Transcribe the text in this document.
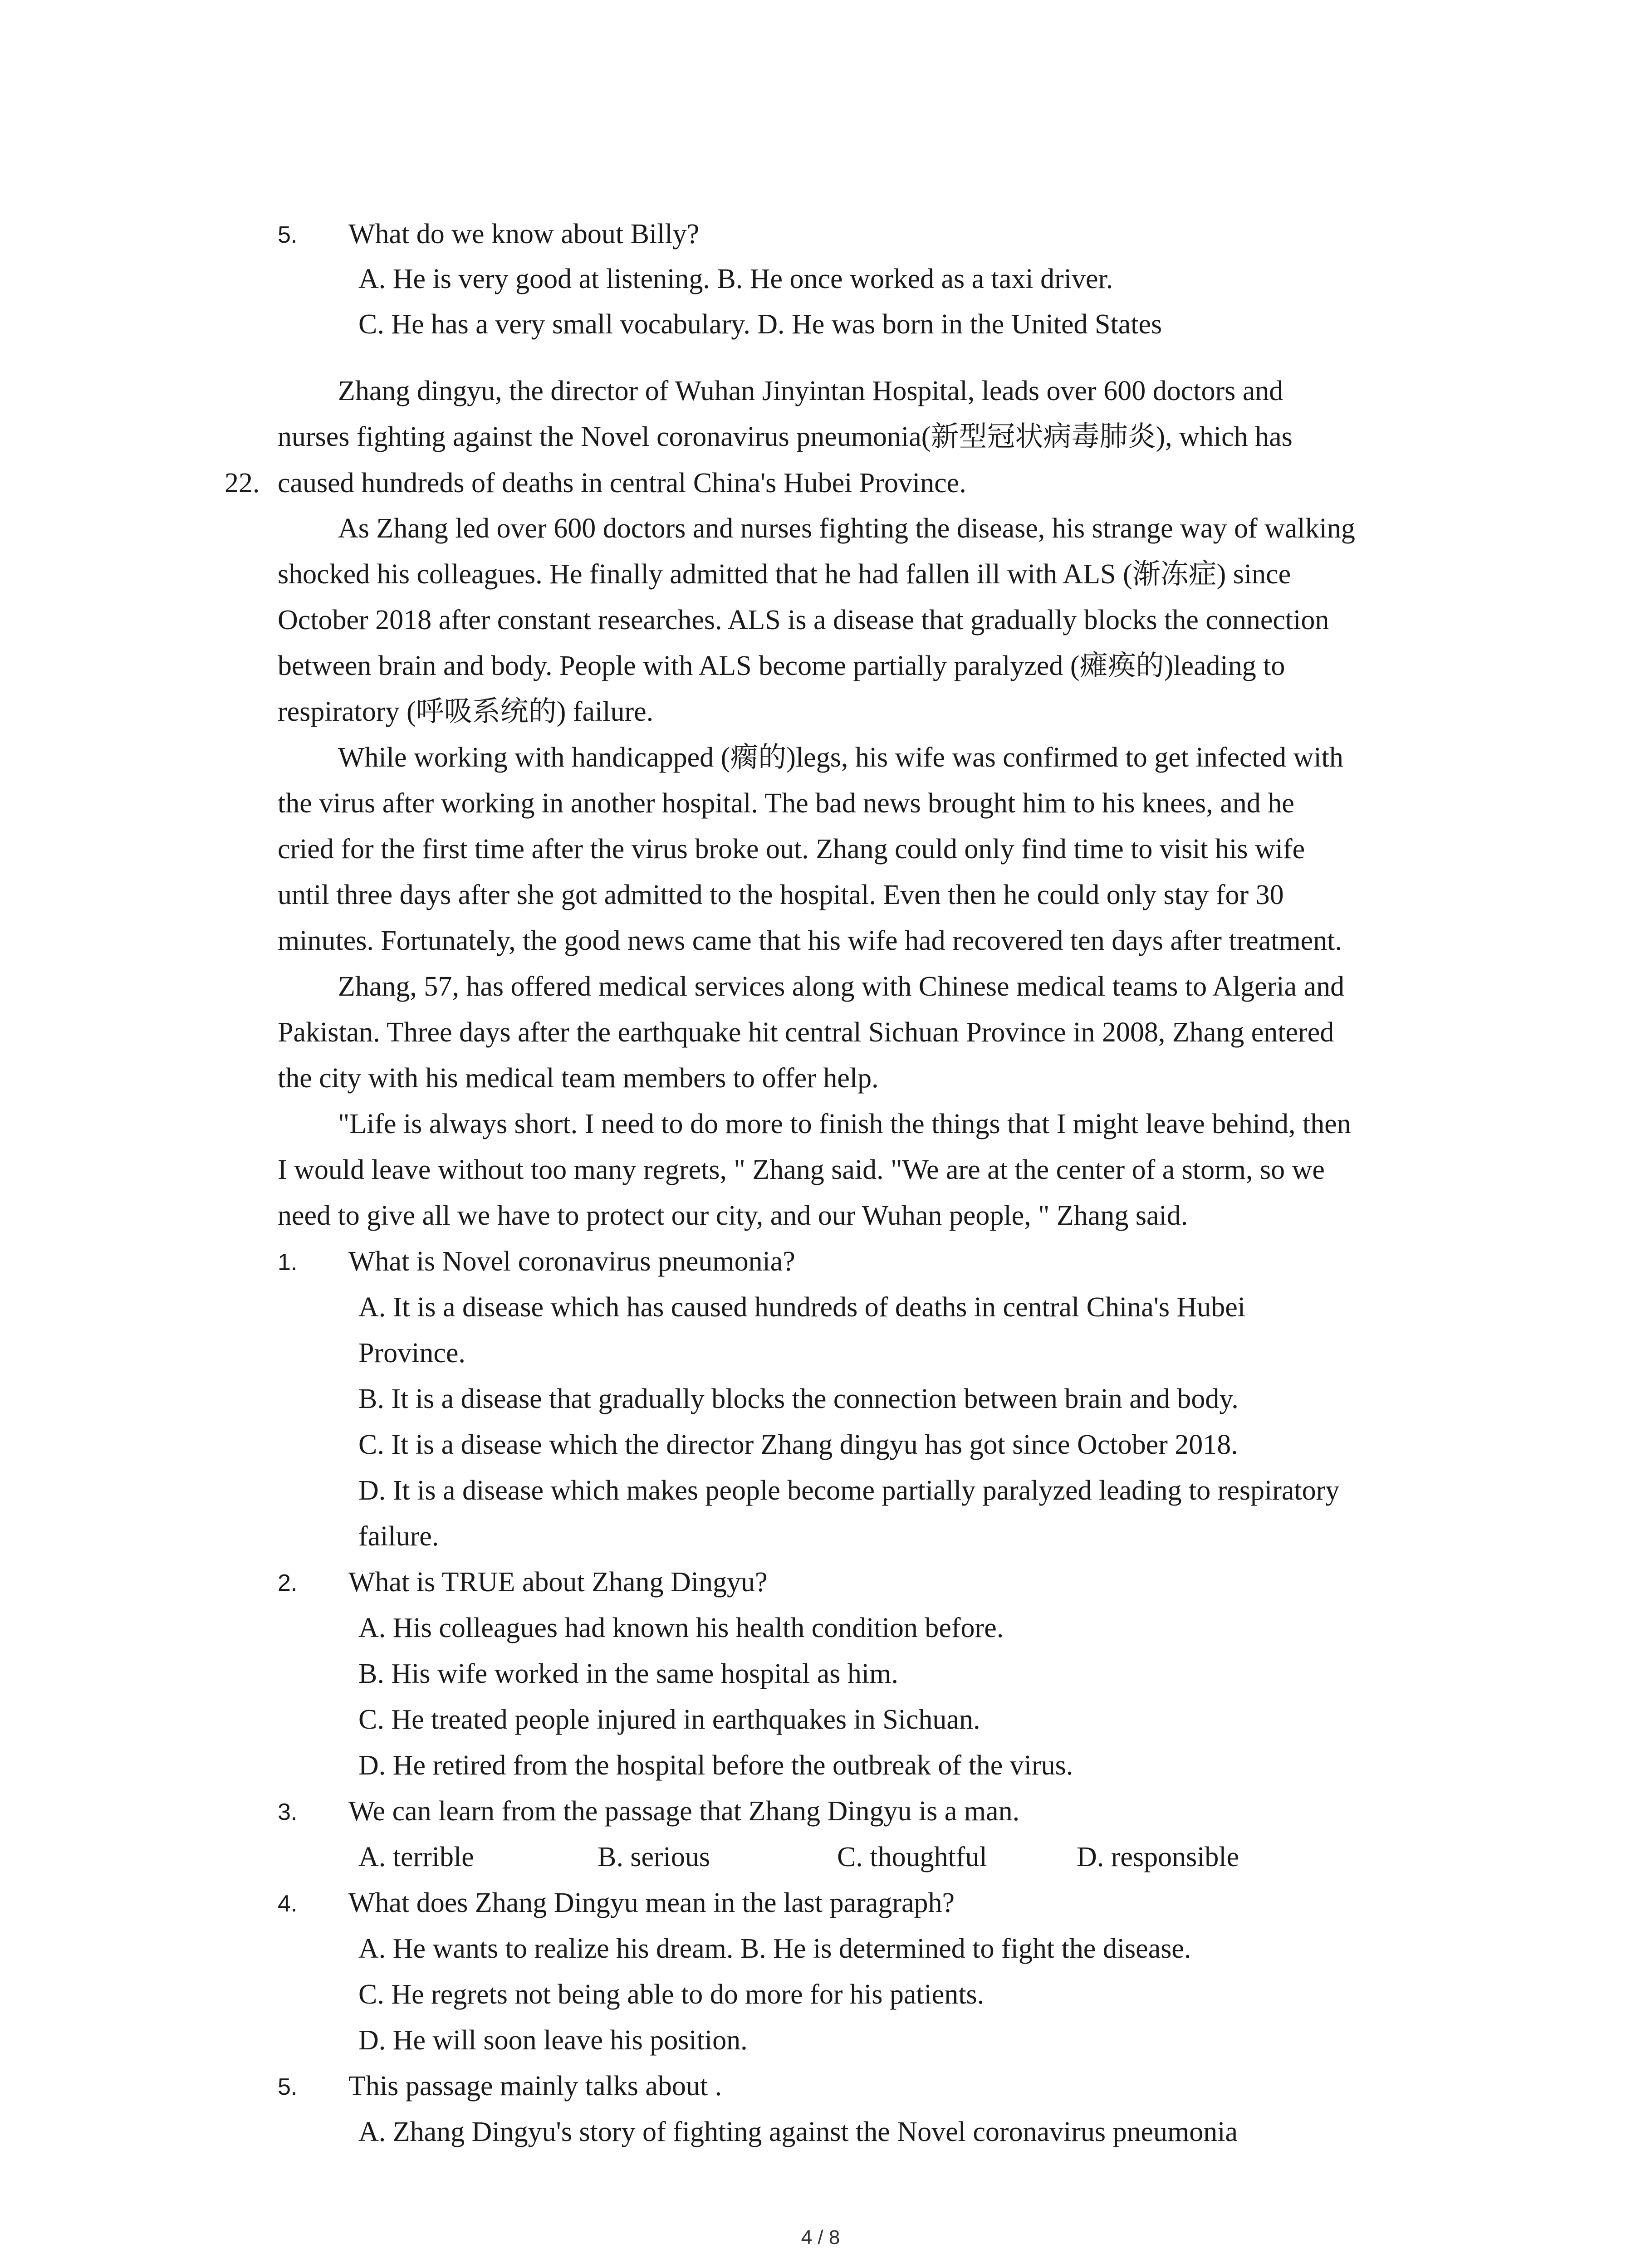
5. What do we know about Billy?
A. He is very good at listening. B. He once worked as a taxi driver.
C. He has a very small vocabulary. D. He was born in the United States
22.
Zhang dingyu, the director of Wuhan Jinyintan Hospital, leads over 600 doctors and
nurses fighting against the Novel coronavirus pneumonia(新型冠状病毒肺炎), which has
caused hundreds of deaths in central China's Hubei Province.
As Zhang led over 600 doctors and nurses fighting the disease, his strange way of walking
shocked his colleagues. He finally admitted that he had fallen ill with ALS (渐冻症) since
October 2018 after constant researches. ALS is a disease that gradually blocks the connection
between brain and body. People with ALS become partially paralyzed (瘫痪的)leading to
respiratory (呼吸系统的) failure.
While working with handicapped (瘸的)legs, his wife was confirmed to get infected with
the virus after working in another hospital. The bad news brought him to his knees, and he
cried for the first time after the virus broke out. Zhang could only find time to visit his wife
until three days after she got admitted to the hospital. Even then he could only stay for 30
minutes. Fortunately, the good news came that his wife had recovered ten days after treatment.
Zhang, 57, has offered medical services along with Chinese medical teams to Algeria and
Pakistan. Three days after the earthquake hit central Sichuan Province in 2008, Zhang entered
the city with his medical team members to offer help.
"Life is always short. I need to do more to finish the things that I might leave behind, then
I would leave without too many regrets, " Zhang said. "We are at the center of a storm, so we
need to give all we have to protect our city, and our Wuhan people, " Zhang said.
1. What is Novel coronavirus pneumonia?
A. It is a disease which has caused hundreds of deaths in central China's Hubei
Province.
B. It is a disease that gradually blocks the connection between brain and body.
C. It is a disease which the director Zhang dingyu has got since October 2018.
D. It is a disease which makes people become partially paralyzed leading to respiratory
failure.
2. What is TRUE about Zhang Dingyu?
A. His colleagues had known his health condition before.
B. His wife worked in the same hospital as him.
C. He treated people injured in earthquakes in Sichuan.
D. He retired from the hospital before the outbreak of the virus.
3. We can learn from the passage that Zhang Dingyu is a man.
A. terrible	B. serious	C. thoughtful	D. responsible
4. What does Zhang Dingyu mean in the last paragraph?
A. He wants to realize his dream. B. He is determined to fight the disease.
C. He regrets not being able to do more for his patients.
D. He will soon leave his position.
5. This passage mainly talks about .
A. Zhang Dingyu's story of fighting against the Novel coronavirus pneumonia
4 / 8
